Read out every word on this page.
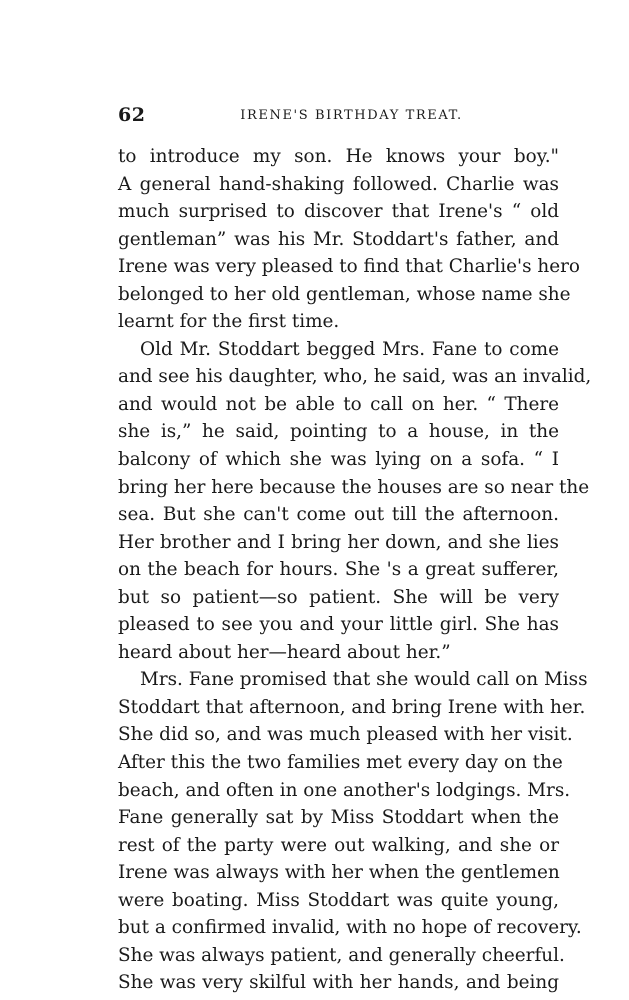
62	IRENE'S BIRTHDAY TREAT.
to introduce my son. He knows your boy."
A general hand-shaking followed. Charlie was
much surprised to discover that Irene's “ old
gentleman” was his Mr. Stoddart's father, and
Irene was very pleased to find that Charlie's hero
belonged to her old gentleman, whose name she
learnt for the first time.
Old Mr. Stoddart begged Mrs. Fane to come
and see his daughter, who, he said, was an invalid,
and would not be able to call on her. “ There
she is,” he said, pointing to a house, in the
balcony of which she was lying on a sofa. “ I
bring her here because the houses are so near the
sea. But she can't come out till the afternoon.
Her brother and I bring her down, and she lies
on the beach for hours. She 's a great sufferer,
but so patient—so patient. She will be very
pleased to see you and your little girl. She has
heard about her—heard about her.”
Mrs. Fane promised that she would call on Miss
Stoddart that afternoon, and bring Irene with her.
She did so, and was much pleased with her visit.
After this the two families met every day on the
beach, and often in one another's lodgings. Mrs.
Fane generally sat by Miss Stoddart when the
rest of the party were out walking, and she or
Irene was always with her when the gentlemen
were boating. Miss Stoddart was quite young,
but a confirmed invalid, with no hope of recovery.
She was always patient, and generally cheerful.
She was very skilful with her hands, and being
